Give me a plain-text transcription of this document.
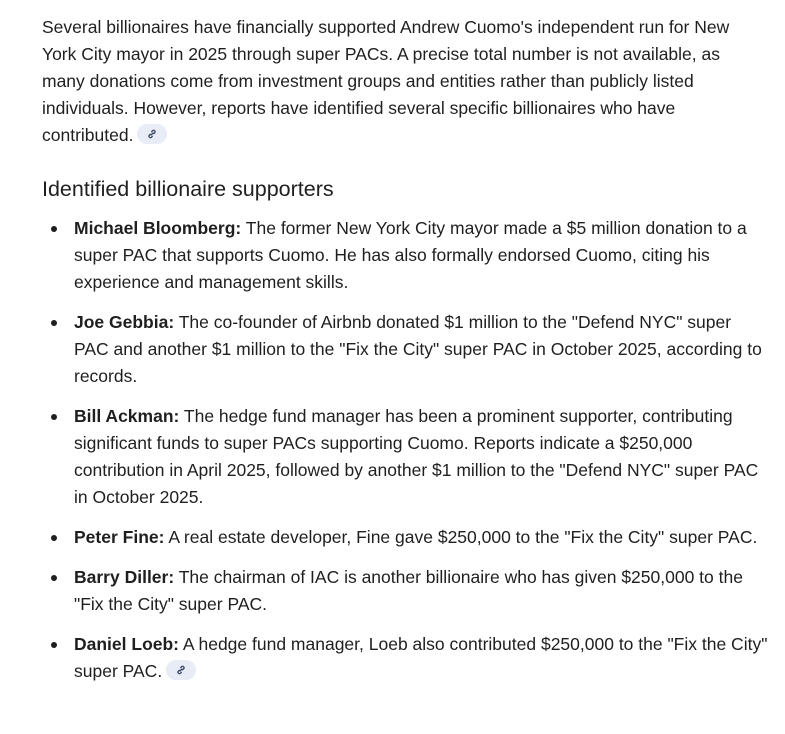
Several billionaires have financially supported Andrew Cuomo's independent run for New York City mayor in 2025 through super PACs. A precise total number is not available, as many donations come from investment groups and entities rather than publicly listed individuals. However, reports have identified several specific billionaires who have contributed.

Identified billionaire supporters
Michael Bloomberg: The former New York City mayor made a $5 million donation to a super PAC that supports Cuomo. He has also formally endorsed Cuomo, citing his experience and management skills.
Joe Gebbia: The co-founder of Airbnb donated $1 million to the "Defend NYC" super PAC and another $1 million to the "Fix the City" super PAC in October 2025, according to records.
Bill Ackman: The hedge fund manager has been a prominent supporter, contributing significant funds to super PACs supporting Cuomo. Reports indicate a $250,000 contribution in April 2025, followed by another $1 million to the "Defend NYC" super PAC in October 2025.
Peter Fine: A real estate developer, Fine gave $250,000 to the "Fix the City" super PAC.
Barry Diller: The chairman of IAC is another billionaire who has given $250,000 to the "Fix the City" super PAC.
Daniel Loeb: A hedge fund manager, Loeb also contributed $250,000 to the "Fix the City" super PAC.
